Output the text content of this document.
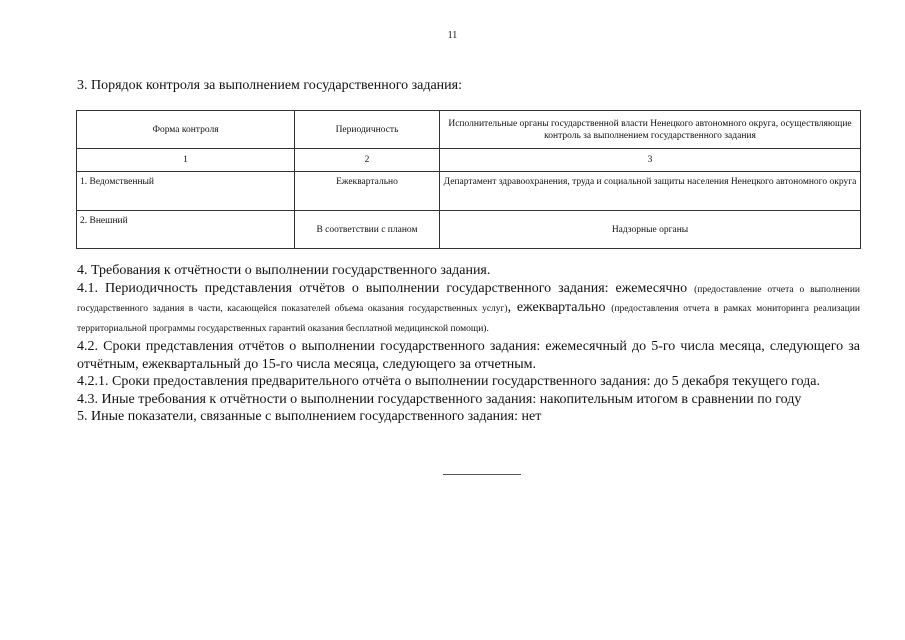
11
3. Порядок контроля за выполнением государственного задания:
Форма контроля	Периодичность	Исполнительные органы государственной власти Ненецкого автономного округа, осуществляющие контроль за выполнением государственного задания
1	2	3
1. Ведомственный	Ежеквартально	Департамент здравоохранения, труда и социальной защиты населения Ненецкого автономного округа
2. Внешний	В соответствии с планом	Надзорные органы

4. Требования к отчётности о выполнении государственного задания.

4.1. Периодичность представления отчётов о выполнении государственного задания: ежемесячно (предоставление отчета о выполнении государственного задания в части, касающейся показателей объема оказания государственных услуг), ежеквартально (предоставления отчета в рамках мониторинга реализации территориальной программы государственных гарантий оказания бесплатной медицинской помощи).

4.2. Сроки представления отчётов о выполнении государственного задания: ежемесячный до 5-го числа месяца, следующего за отчётным, ежеквартальный до 15-го числа месяца, следующего за отчетным.

4.2.1. Сроки предоставления предварительного отчёта о выполнении государственного задания: до 5 декабря текущего года.

4.3. Иные требования к отчётности о выполнении государственного задания: накопительным итогом в сравнении по году

5. Иные показатели, связанные с выполнением государственного задания: нет
